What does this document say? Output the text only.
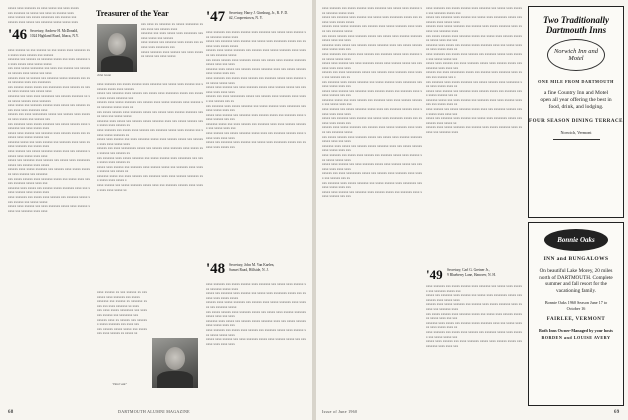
xxxxx xxxx xxxxxxx xx xxxx xxxxx xxx xxxx xxxxx
xxx xxxxxxx xx xxxxx xxx xxxx xx xxxxxx xxxx
xxxx xxxxxx xxx xxxxx xxxxxxxx xxx xxxxxx xxx
xxxxxx xxxx xxxxx xxx xxxxxxx xxxxx xxxxx xxxx
'46 Secretary, Andrew H. McDonald,
1024 Highland Road, Ithaca, N.Y.
xxxx xxxxxx xx xxx xxxxxx xx xxx xxxxx xxxx xxxxxxx xxx xxxxx xxxx xxxxxx xxx xxxxxx
xxxxxxx xxx xxxxxx xx xxxxxxx xxxxx xxx xxxx xxxxxxx xx xxxx xxxxx xxxx xxxxx xxxxx
xxx xxxx xxxxx xxxxxxxx xxx xxxx xxx xxxxxx xxx xxxxxxxx xxxxxx xxxx xxxxx xxx xxxx
xxxxxx xxxx xx xxxxxx xxx xxxxxxx xxxxx xxxxxxx xxx xxxx xxxxxxx xxxx xxx xxxxxxxx
xxx xxxxxx xxxxx xxxxx xxx xxxxxxxx xxxx xxxxxx xx xxxxx xxxx xxxxxx xxx xxxxx xxxx
xxxxxxx xxx xxxx xxxx xxxxxxxx xxx xxxxxx xxxxxxx xx xxx xxxxx xxxxxx xxxx xxxxxxx
xxxx xxxxx xxx xxxxxxx xxxxxx xxxx xxxxx xxx xxxxxx xxxxx xxxx xxxx xxxxxxx xxxx
xxxxxx xxx xxxx xxxxxxxxx xxxxx xxx xxxxxx xxxx xxxxxxx xxxx xxxxx xxx xxxxxx xxx
xxx xxxxxxx xxxx xxxxx xxxxxxx xxx xxxxx xxxxxx xxxx xxxxxxxx xxx xxxx xxxxx xxxx
xxxxx xxxx xxxxxx xxx xxxxxxx xxxx xxxxxx xxxxx xxx xxxxxxx xxxx xxxxx xxxxxx xxx
xxxxxxx xxxxx xxx xxxx xxxxxx xxx xxxxxxx xxxx xxxx xxxxxx xxxxxxx xxx xxxxx xxxx
xxxx xxxxxx xxx xxxxx xxxxxxx xxxxx xxxx xxx xxxxxxx xxxxxx xxxx xxxxx xxxx xxxx
xxxxx xxx xxxxxxx xxxx xxxxxx xxx xxxxx xxxx xxxxxxxx xxxxx xxx xxxxxx xxxx xxxxx
xxxxxx xxxx xxxxx xxxxxxx xxx xxxxxx xxxx xxxxx xxxxxxx xxxx xxxxxx xxx xxxxxxx
xxx xxxxx xxxxxx xxxx xxxxxxx xxxxx xxx xxxxx xxxx xxxxxx xxxxxxx xxxxx xxxx xxx
xxxxxxx xxxx xxxxx xxx xxxxxx xxxxx xxxxxxx xxxx xxx xxxxx xxxxxx xxxx xxxxx xxxx
xxxx xxxxxxx xxx xxxxx xxxx xxxxxx xxx xxxxxxx xxxxx xxxx xxxxxx xxx xxxxx xxxxx
xxxxx xxxx xxxxxx xxx xxxx xxxxxxx xxxxx xxxx xxxxxx xxxxx xxx xxxxxxx xxxx xxxx
Treasurer of the Year
John Gunn
xxx xxxx xx xxxxxxx xx xxxxx xxxxxxxx xx xxx xxxx xxx xxxxxx xxxx
xxxxxxx xxx xxxx xxxxx xxxx xxxxxxxx xxx xxxx xxxxx xxx xxxxxx
xxxx xxxxxx xxx xxxxxxx xxxx xxxxx xxx xxxxxx xxxx xxxxxxxx xxx
xxxxx xxxxxxx xxxx xxxxxx xxx xxxx xxxxxxx xxxxx xxx xxxx xxxxx
xxxx xxxxxxx xxx xxxxx xxxxxx xxxx xxxxxxx xxx xxxxx xxxx xxxxxx xxx xxxxxxx xxxxx xxxx xxxxxx
xxxxx xxx xxxxxxx xxxx xxxxxx xxx xxxxx xxxx xxxxxxxx xxxxx xxx xxxxxx xxxx xxxxx xxxxxxx xxx
xxxxxx xxxx xxxxx xxxxxxx xxx xxxxxx xxxx xxxxx xxxxxxx xxxx xxxxxx xxx xxxxxxx xxxxx xxxx xx
xxx xxxxx xxxxxx xxxx xxxxxxx xxxxx xxx xxxxx xxxx xxxxxx xxxxxxx xxxxx xxxx xxx xxxxx xxxxx
xxxxxxx xxxx xxxxx xxx xxxxxx xxxxx xxxxxxx xxxx xxx xxxxx xxxxxx xxxx xxxxx xxxx xxxxxx xx
xxxx xxxxxxx xxx xxxxx xxxx xxxxxx xxx xxxxxxx xxxxx xxxx xxxxxx xxx xxxxx xxxxx xxxxxxx xx
xxxxx xxxx xxxxxx xxx xxxx xxxxxxx xxxxx xxxx xxxxxx xxxxx xxx xxxxxxx xxxx xxxx xxxxx xxxx
xxxxxx xxx xxxx xxxxxxxxx xxxxx xxx xxxxxx xxxx xxxxxxx xxxx xxxxx xxx xxxxxx xxx xxxxxx xx
xxx xxxxxxx xxxx xxxxx xxxxxxx xxx xxxxx xxxxxx xxxx xxxxxxxx xxx xxxx xxxxx xxxx xxxxxx xx
xxxxx xxxx xxxxxx xxx xxxxxxx xxxx xxxxxx xxxxx xxx xxxxxxx xxxx xxxxx xxxxxx xxx xxxxx xx
xxxxxxx xxxxx xxx xxxx xxxxxx xxx xxxxxxx xxxx xxxx xxxxxx xxxxxxx xxx xxxxx xxxx xxxxx x
xxxx xxxxxx xxx xxxxx xxxxxxx xxxxx xxxx xxx xxxxxxx xxxxxx xxxx xxxxx xxxx xxxx xxxxx xx
"Don't ask"
xxxx xxxxxx xx xxx xxxxxx xx xxx xxxxx xxxx xxxxxxx xxx xxxxx
xxxxxxx xxx xxxxxx xx xxxxxxx xxxxx xxx xxxx xxxxxxx xx xxxx
xxx xxxx xxxxx xxxxxxxx xxx xxxx xxx xxxxxx xxx xxxxxxxx xxx
xxxxxx xxxx xx xxxxxx xxx xxxxxxx xxxxx xxxxxxx xxx xxxx xxx
xxx xxxxxx xxxxx xxxxx xxx xxxxxxxx xxxx xxxxxx xx xxxxx xx
'47 Secretary, Harry J. Ginsburg, Jr., R. F. D.
#2, Cooperstown, N. Y.
xxxx xxxxxxx xxx xxxxx xxxxxx xxxx xxxxxxx xxx xxxxx xxxx xxxxxx xxx xxxxxxx xxxxx xxxx
xxxxx xxx xxxxxxx xxxx xxxxxx xxx xxxxx xxxx xxxxxxxx xxxxx xxx xxxxxx xxxx xxxxx xxxxx
xxxxxx xxxx xxxxx xxxxxxx xxx xxxxxx xxxx xxxxx xxxxxxx xxxx xxxxxx xxx xxxxxxx xxxxx
xxx xxxxx xxxxxx xxxx xxxxxxx xxxxx xxx xxxxx xxxx xxxxxx xxxxxxx xxxxx xxxx xxx xxxx
xxxxxxx xxxx xxxxx xxx xxxxxx xxxxx xxxxxxx xxxx xxx xxxxx xxxxxx xxxx xxxxx xxxx xxx
xxxx xxxxxxx xxx xxxxx xxxx xxxxxx xxx xxxxxxx xxxxx xxxx xxxxxx xxx xxxxx xxxxx xxxx
xxxxx xxxx xxxxxx xxx xxxx xxxxxxx xxxxx xxxx xxxxxx xxxxx xxx xxxxxxx xxxx xxxx xxxx
xxxxxx xxx xxxx xxxxxxxxx xxxxx xxx xxxxxx xxxx xxxxxxx xxxx xxxxx xxx xxxxxx xxx xx
xxx xxxxxxx xxxx xxxxx xxxxxxx xxx xxxxx xxxxxx xxxx xxxxxxxx xxx xxxx xxxxx xxxx xxx
xxxxx xxxx xxxxxx xxx xxxxxxx xxxx xxxxxx xxxxx xxx xxxxxxx xxxx xxxxx xxxxxx xxx xxx
xxxxxxx xxxxx xxx xxxx xxxxxx xxx xxxxxxx xxxx xxxx xxxxxx xxxxxxx xxx xxxxx xxxx xxx
xxxx xxxxxx xxx xxxxx xxxxxxx xxxxx xxxx xxx xxxxxxx xxxxxx xxxx xxxxx xxxx xxxx xxxx
xxxxx xxx xxxxxxx xxxx xxxxxx xxx xxxxx xxxx xxxxxxxx xxxxx xxx xxxxxx xxxx xxxxx xxx
'48 Secretary, John M. Van Kaelen,
Sunset Road, Hillside, N. J.
xxxx xxxxxxx xxx xxxxx xxxxxx xxxx xxxxxxx xxx xxxxx xxxx xxxxxx xxx xxxxxxx xxxxx xxxx
xxxxx xxx xxxxxxx xxxx xxxxxx xxx xxxxx xxxx xxxxxxxx xxxxx xxx xxxxxx xxxx xxxxx xxxxx
xxxxxx xxxx xxxxx xxxxxxx xxx xxxxxx xxxx xxxxx xxxxxxx xxxx xxxxxx xxx xxxxxxx xxxxx
xxx xxxxx xxxxxx xxxx xxxxxxx xxxxx xxx xxxxx xxxx xxxxxx xxxxxxx xxxxx xxxx xxx xxxx
xxxxxxx xxxx xxxxx xxx xxxxxx xxxxx xxxxxxx xxxx xxx xxxxx xxxxxx xxxx xxxxx xxxx xxx
xxxx xxxxxxx xxx xxxxx xxxx xxxxxx xxx xxxxxxx xxxxx xxxx xxxxxx xxx xxxxx xxxxx xxxx
xxxxx xxxx xxxxxx xxx xxxx xxxxxxx xxxxx xxxx xxxxxx xxxxx xxx xxxxxxx xxxx xxxx xxxx
68	DARTMOUTH ALUMNI MAGAZINE
xxxx xxxxxxx xxx xxxxx xxxxxx xxxx xxxxxxx xxx xxxxx xxxx xxxxxx xxx xxxxxxx xxxxx xxxx
xxxxx xxx xxxxxxx xxxx xxxxxx xxx xxxxx xxxx xxxxxxxx xxxxx xxx xxxxxx xxxx xxxxx xxxxx
xxxxxx xxxx xxxxx xxxxxxx xxx xxxxxx xxxx xxxxx xxxxxxx xxxx xxxxxx xxx xxxxxxx xxxxx
xxx xxxxx xxxxxx xxxx xxxxxxx xxxxx xxx xxxxx xxxx xxxxxx xxxxxxx xxxxx xxxx xxx xxxx
xxxxxxx xxxx xxxxx xxx xxxxxx xxxxx xxxxxxx xxxx xxx xxxxx xxxxxx xxxx xxxxx xxxx xxx
xxxx xxxxxxx xxx xxxxx xxxx xxxxxx xxx xxxxxxx xxxxx xxxx xxxxxx xxx xxxxx xxxxx xxxx
xxxxx xxxx xxxxxx xxx xxxx xxxxxxx xxxxx xxxx xxxxxx xxxxx xxx xxxxxxx xxxx xxxx xxxx
xxxxxx xxx xxxx xxxxxxxxx xxxxx xxx xxxxxx xxxx xxxxxxx xxxx xxxxx xxx xxxxxx xxx xx
xxx xxxxxxx xxxx xxxxx xxxxxxx xxx xxxxx xxxxxx xxxx xxxxxxxx xxx xxxx xxxxx xxxx xxx
xxxxx xxxx xxxxxx xxx xxxxxxx xxxx xxxxxx xxxxx xxx xxxxxxx xxxx xxxxx xxxxxx xxx xxx
xxxxxxx xxxxx xxx xxxx xxxxxx xxx xxxxxxx xxxx xxxx xxxxxx xxxxxxx xxx xxxxx xxxx xxx
xxxx xxxxxx xxx xxxxx xxxxxxx xxxxx xxxx xxx xxxxxxx xxxxxx xxxx xxxxx xxxx xxxx xxxx
xxxxx xxx xxxxxxx xxxx xxxxxx xxx xxxxx xxxx xxxxxxxx xxxxx xxx xxxxxx xxxx xxxxx xxx
xxxxxx xxxx xxxxx xxxxxxx xxx xxxxxx xxxx xxxxx xxxxxxx xxxx xxxxxx xxx xxxxxxx xxxxx
xxx xxxxx xxxxxx xxxx xxxxxxx xxxxx xxx xxxxx xxxx xxxxxx xxxxxxx xxxxx xxxx xxx xxxx
xxxxxxx xxxx xxxxx xxx xxxxxx xxxxx xxxxxxx xxxx xxx xxxxx xxxxxx xxxx xxxxx xxxx xxx
xxxx xxxxxxx xxx xxxxx xxxx xxxxxx xxx xxxxxxx xxxxx xxxx xxxxxx xxx xxxxx xxxxx xxxx
xxxxx xxxx xxxxxx xxx xxxx xxxxxxx xxxxx xxxx xxxxxx xxxxx xxx xxxxxxx xxxx xxxx xxxx
xxxxxx xxx xxxx xxxxxxxxx xxxxx xxx xxxxxx xxxx xxxxxxx xxxx xxxxx xxx xxxxxx xxx xx
xxx xxxxxxx xxxx xxxxx xxxxxxx xxx xxxxx xxxxxx xxxx xxxxxxxx xxx xxxx xxxxx xxxx xxx
xxxxx xxxx xxxxxx xxx xxxxxxx xxxx xxxxxx xxxxx xxx xxxxxxx xxxx xxxxx xxxxxx xxx xxx
xxxx xxxxxxx xxx xxxxx xxxxxx xxxx xxxxxxx xxx xxxxx xxxx xxxxxx xxx xxxxxxx xxxxx xxx
xxxxx xxx xxxxxxx xxxx xxxxxx xxx xxxxx xxxx xxxxxxxx xxxxx xxx xxxxxx xxxx xxxxx xxxx
xxxxxx xxxx xxxxx xxxxxxx xxx xxxxxx xxxx xxxxx xxxxxxx xxxx xxxxxx xxx xxxxxxx xxxx
xxx xxxxx xxxxxx xxxx xxxxxxx xxxxx xxx xxxxx xxxx xxxxxx xxxxxxx xxxxx xxxx xxx xxx
xxxxxxx xxxx xxxxx xxx xxxxxx xxxxx xxxxxxx xxxx xxx xxxxx xxxxxx xxxx xxxxx xxxx xx
xxxx xxxxxxx xxx xxxxx xxxx xxxxxx xxx xxxxxxx xxxxx xxxx xxxxxx xxx xxxxx xxxxx xxx
xxxxx xxxx xxxxxx xxx xxxx xxxxxxx xxxxx xxxx xxxxxx xxxxx xxx xxxxxxx xxxx xxxx xxx
xxxxxx xxx xxxx xxxxxxxxx xxxxx xxx xxxxxx xxxx xxxxxxx xxxx xxxxx xxx xxxxxx xxx x
xxx xxxxxxx xxxx xxxxx xxxxxxx xxx xxxxx xxxxxx xxxx xxxxxxxx xxx xxxx xxxxx xxxx xx
xxxxx xxxx xxxxxx xxx xxxxxxx xxxx xxxxxx xxxxx xxx xxxxxxx xxxx xxxxx xxxxxx xxx xx
xxxxxxx xxxxx xxx xxxx xxxxxx xxx xxxxxxx xxxx xxxx xxxxxx xxxxxxx xxx xxxxx xxxx xx
xxxx xxxxxx xxx xxxxx xxxxxxx xxxxx xxxx xxx xxxxxxx xxxxxx xxxx xxxxx xxxx xxxx xxx
xxxxx xxx xxxxxxx xxxx xxxxxx xxx xxxxx xxxx xxxxxxxx xxxxx xxx xxxxxx xxxx xxxxx xx
xxxxxx xxxx xxxxx xxxxxxx xxx xxxxxx xxxx xxxxx xxxxxxx xxxx xxxxxx xxx xxxxxxx xxxx
'49 Secretary, Carl G. Greiner Jr.,
9 Blueberry Lane, Hanover, N. H.
xxxx xxxxxxx xxx xxxxx xxxxxx xxxx xxxxxxx xxx xxxxx xxxx xxxxxx xxx xxxxxxx xxxxx xxx
xxxxx xxx xxxxxxx xxxx xxxxxx xxx xxxxx xxxx xxxxxxxx xxxxx xxx xxxxxx xxxx xxxxx xxxx
xxxxxx xxxx xxxxx xxxxxxx xxx xxxxxx xxxx xxxxx xxxxxxx xxxx xxxxxx xxx xxxxxxx xxxx
xxx xxxxx xxxxxx xxxx xxxxxxx xxxxx xxx xxxxx xxxx xxxxxx xxxxxxx xxxxx xxxx xxx xxx
xxxxxxx xxxx xxxxx xxx xxxxxx xxxxx xxxxxxx xxxx xxx xxxxx xxxxxx xxxx xxxxx xxxx xx
xxxx xxxxxxx xxx xxxxx xxxx xxxxxx xxx xxxxxxx xxxxx xxxx xxxxxx xxx xxxxx xxxxx xxx
xxxxx xxxx xxxxxx xxx xxxx xxxxxxx xxxxx xxxx xxxxxx xxxxx xxx xxxxxxx xxxx xxxx xxx
Two Traditionally Dartmouth Inns
Norwich Inn and Motel
ONE MILE FROM DARTMOUTH
a fine Country Inn and Motel
open all year offering the best in food, drink, and lodging.
FOUR SEASON DINING TERRACE
Norwich, Vermont
Bonnie Oaks
INN and BUNGALOWS
On beautiful Lake Morey, 20 miles north of DARTMOUTH. Complete summer and fall resort for the vacationing family.
Bonnie Oaks 1960 Season June 17 to October 16
FAIRLEE, VERMONT
Both Inns Owner-Managed by your hosts
BORDEN and LOUISE AVERY
Issue of June 1960	69
